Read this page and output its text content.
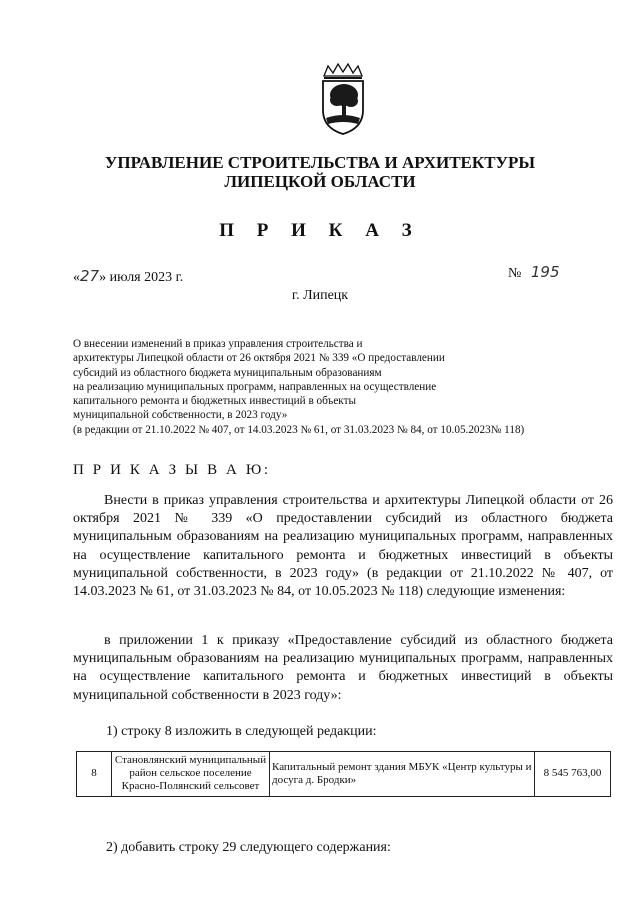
УПРАВЛЕНИЕ СТРОИТЕЛЬСТВА И АРХИТЕКТУРЫ
ЛИПЕЦКОЙ ОБЛАСТИ
П Р И К А З
«27» июля 2023 г.	№ 195
г. Липецк
О внесении изменений в приказ управления строительства и
архитектуры Липецкой области от 26 октября 2021 № 339 «О предоставлении
субсидий из областного бюджета муниципальным образованиям
на реализацию муниципальных программ, направленных на осуществление
капитального ремонта и бюджетных инвестиций в объекты
муниципальной собственности, в 2023 году»
(в редакции от 21.10.2022 № 407, от 14.03.2023 № 61, от 31.03.2023 № 84, от 10.05.2023№ 118)
П Р И К А З Ы В А Ю:
Внести в приказ управления строительства и архитектуры Липецкой области от 26 октября 2021 № 339 «О предоставлении субсидий из областного бюджета муниципальным образованиям на реализацию муниципальных программ, направленных на осуществление капитального ремонта и бюджетных инвестиций в объекты муниципальной собственности, в 2023 году» (в редакции от 21.10.2022 № 407, от 14.03.2023 № 61, от 31.03.2023 № 84, от 10.05.2023 № 118) следующие изменения:
в приложении 1 к приказу «Предоставление субсидий из областного бюджета муниципальным образованиям на реализацию муниципальных программ, направленных на осуществление капитального ремонта и бюджетных инвестиций в объекты муниципальной собственности в 2023 году»:
1) строку 8 изложить в следующей редакции:
8	Становлянский муниципальный район сельское поселение Красно-Полянский сельсовет	Капитальный ремонт здания МБУК «Центр культуры и досуга д. Бродки»	8 545 763,00
2) добавить строку 29 следующего содержания:
